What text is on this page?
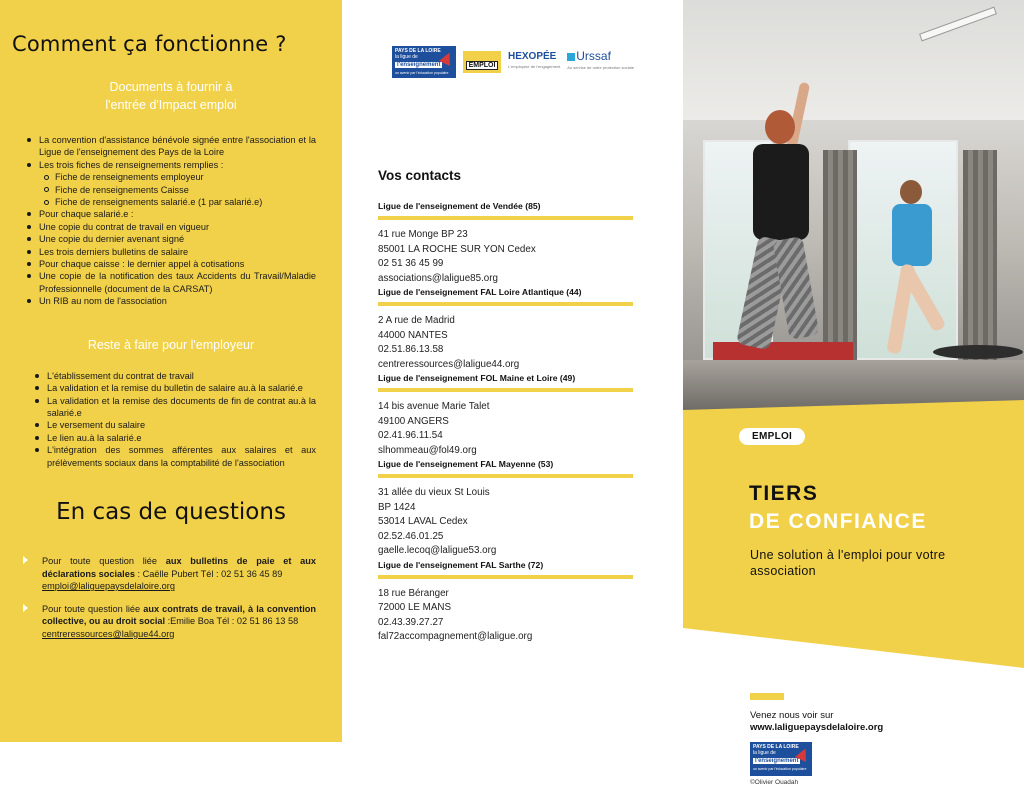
Comment ça fonctionne ?
Documents à fournir à
l'entrée d'Impact emploi
La convention d'assistance bénévole signée entre l'association et la Ligue de l'enseignement des Pays de la Loire
Les trois fiches de renseignements remplies :
Fiche de renseignements employeur
Fiche de renseignements Caisse
Fiche de renseignements salarié.e (1 par salarié.e)
Pour chaque salarié.e :
Une copie du contrat de travail en vigueur
Une copie du dernier avenant signé
Les trois derniers bulletins de salaire
Pour chaque caisse : le dernier appel à cotisations
Une copie de la notification des taux Accidents du Travail/Maladie Professionnelle (document de la CARSAT)
Un RIB au nom de l'association
Reste à faire pour l'employeur
L'établissement du contrat de travail
La validation et la remise du bulletin de salaire au.à la salarié.e
La validation et la remise des documents de fin de contrat au.à la salarié.e
Le versement du salaire
Le lien au.à la salarié.e
L'intégration des sommes afférentes aux salaires et aux prélèvements sociaux dans la comptabilité de l'association
En cas de questions
Pour toute question liée aux bulletins de paie et aux déclarations sociales : Caëlle Pubert Tél : 02 51 36 45 89
emploi@laliguepaysdelaloire.org
Pour toute question liée aux contrats de travail, à la convention collective, ou au droit social :Emilie Boa Tél : 02 51 86 13 58
centreressources@laligue44.org
PAYS DE LA LOIRE
la ligue de
l'enseignement
un avenir par l'éducation populaire
EMPLOI
HEXOPÉE
L'employeur de l'engagement
Urssaf
Au service de notre protection sociale
Vos contacts
Ligue de l'enseignement de Vendée (85)
41 rue Monge BP 23
85001 LA ROCHE SUR YON Cedex
02 51 36 45 99
associations@laligue85.org
Ligue de l'enseignement FAL Loire Atlantique (44)
2 A rue de Madrid
44000 NANTES
02.51.86.13.58
centreressources@laligue44.org
Ligue de l'enseignement FOL Maine et Loire (49)
14 bis avenue Marie Talet
49100 ANGERS
02.41.96.11.54
slhommeau@fol49.org
Ligue de l'enseignement FAL Mayenne (53)
31 allée du vieux St Louis
BP 1424
53014 LAVAL Cedex
02.52.46.01.25
gaelle.lecoq@laligue53.org
Ligue de l'enseignement FAL Sarthe (72)
18 rue Béranger
72000 LE MANS
02.43.39.27.27
fal72accompagnement@laligue.org
EMPLOI
TIERS
DE CONFIANCE
Une solution à l'emploi pour votre association
Venez nous voir sur
www.laliguepaysdelaloire.org
PAYS DE LA LOIRE
la ligue de
l'enseignement
un avenir par l'éducation populaire
©Olivier Ouadah
